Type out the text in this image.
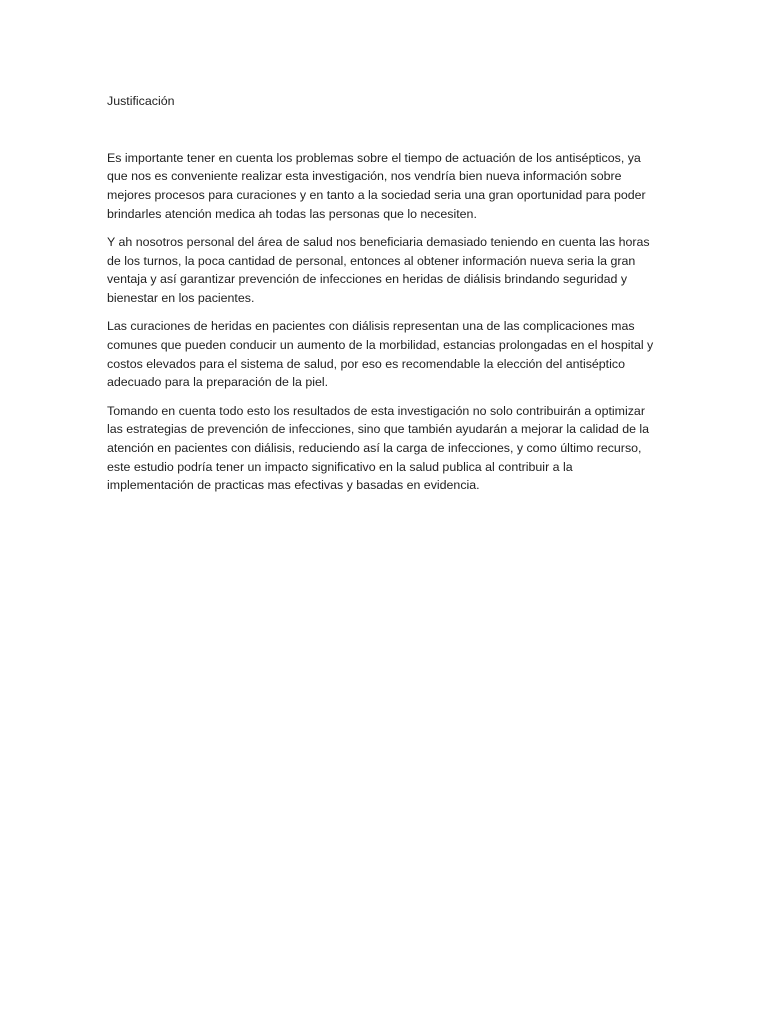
Justificación

Es importante tener en cuenta los problemas sobre el tiempo de actuación de los antisépticos, ya que nos es conveniente realizar esta investigación, nos vendría bien nueva información sobre mejores procesos para curaciones y en tanto a la sociedad seria una gran oportunidad para poder brindarles atención medica ah todas las personas que lo necesiten.

Y ah nosotros personal del área de salud nos beneficiaria demasiado teniendo en cuenta las horas de los turnos, la poca cantidad de personal, entonces al obtener información nueva seria la gran ventaja y así garantizar prevención de infecciones en heridas de diálisis brindando seguridad y bienestar en los pacientes.

Las curaciones de heridas en pacientes con diálisis representan una de las complicaciones mas comunes que pueden conducir un aumento de la morbilidad, estancias prolongadas en el hospital y costos elevados para el sistema de salud, por eso es recomendable la elección del antiséptico adecuado para la preparación de la piel.

Tomando en cuenta todo esto los resultados de esta investigación no solo contribuirán a optimizar las estrategias de prevención de infecciones, sino que también ayudarán a mejorar la calidad de la atención en pacientes con diálisis, reduciendo así la carga de infecciones, y como último recurso, este estudio podría tener un impacto significativo en la salud publica al contribuir a la implementación de practicas mas efectivas y basadas en evidencia.
